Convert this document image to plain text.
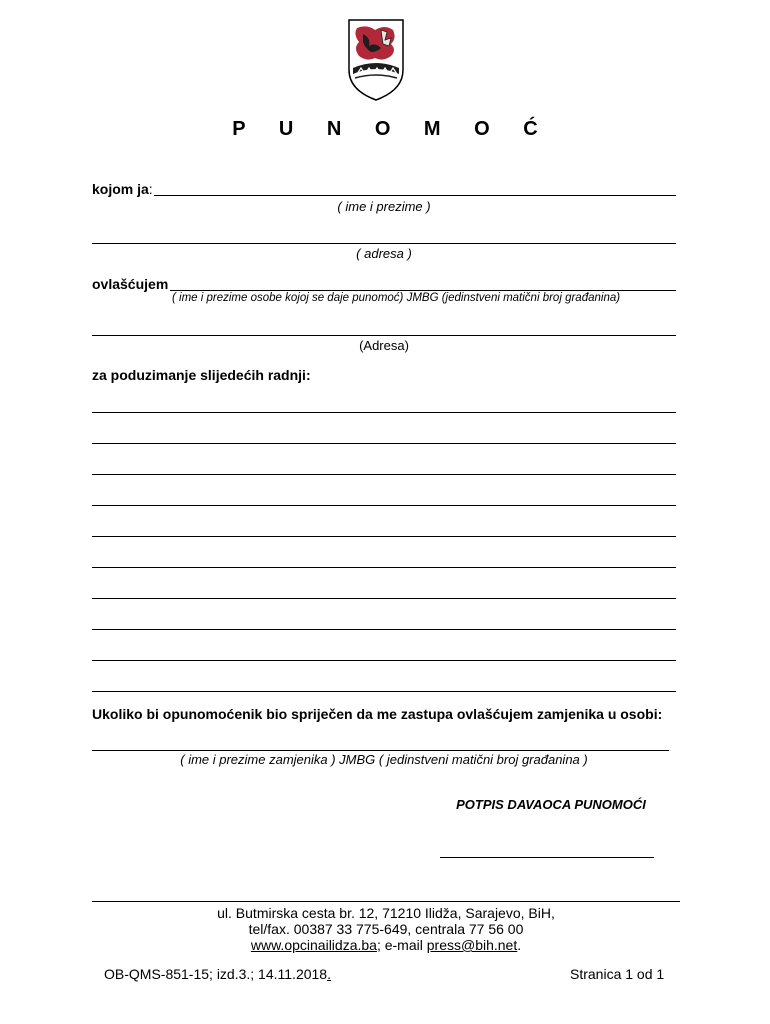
P U N O M O Ć
kojom ja:
( ime i prezime )
( adresa )
ovlašćujem
( ime i prezime osobe kojoj se daje punomoć) JMBG (jedinstveni matični broj građanina)
(Adresa)
za poduzimanje slijedećih radnji:
Ukoliko bi opunomoćenik bio spriječen da me zastupa ovlašćujem zamjenika u osobi:
( ime i prezime zamjenika ) JMBG ( jedinstveni matični broj građanina )
POTPIS DAVAOCA PUNOMOĆI
ul. Butmirska cesta br. 12, 71210 Ilidža, Sarajevo, BiH,
tel/fax. 00387 33 775-649, centrala 77 56 00
www.opcinailidza.ba; e-mail press@bih.net.
OB-QMS-851-15; izd.3.; 14.11.2018.	Stranica 1 od 1
